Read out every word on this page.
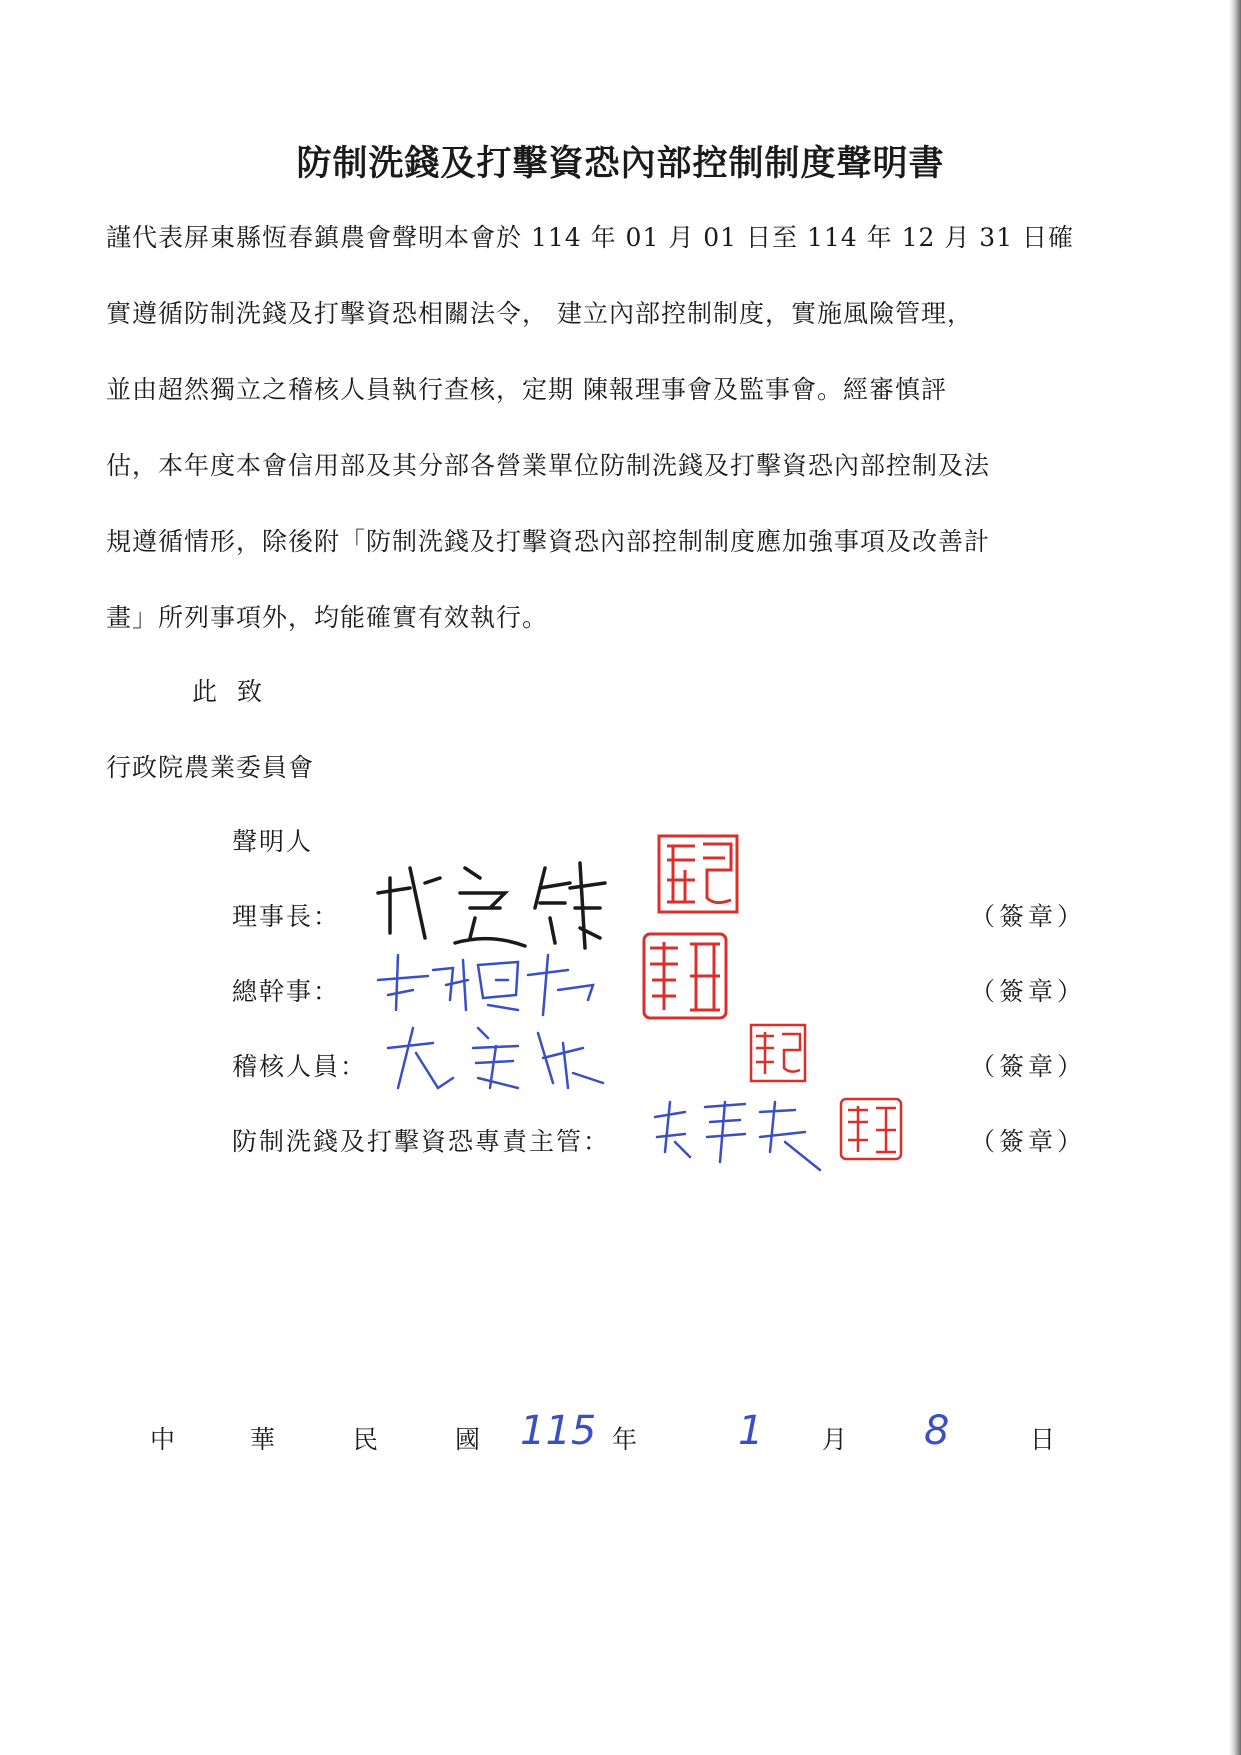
防制洗錢及打擊資恐內部控制制度聲明書
謹代表屏東縣恆春鎮農會聲明本會於 114 年 01 月 01 日至 114 年 12 月 31 日確
實遵循防制洗錢及打擊資恐相關法令， 建立內部控制制度，實施風險管理，
並由超然獨立之稽核人員執行查核，定期 陳報理事會及監事會。經審慎評
估，本年度本會信用部及其分部各營業單位防制洗錢及打擊資恐內部控制及法
規遵循情形，除後附「防制洗錢及打擊資恐內部控制制度應加強事項及改善計
畫」所列事項外，均能確實有效執行。
此 致
行政院農業委員會
聲明人
理事長：	（簽章）
總幹事：	（簽章）
稽核人員：	（簽章）
防制洗錢及打擊資恐專責主管：	（簽章）
中	華	民	國 115 年	1 月 8	日
